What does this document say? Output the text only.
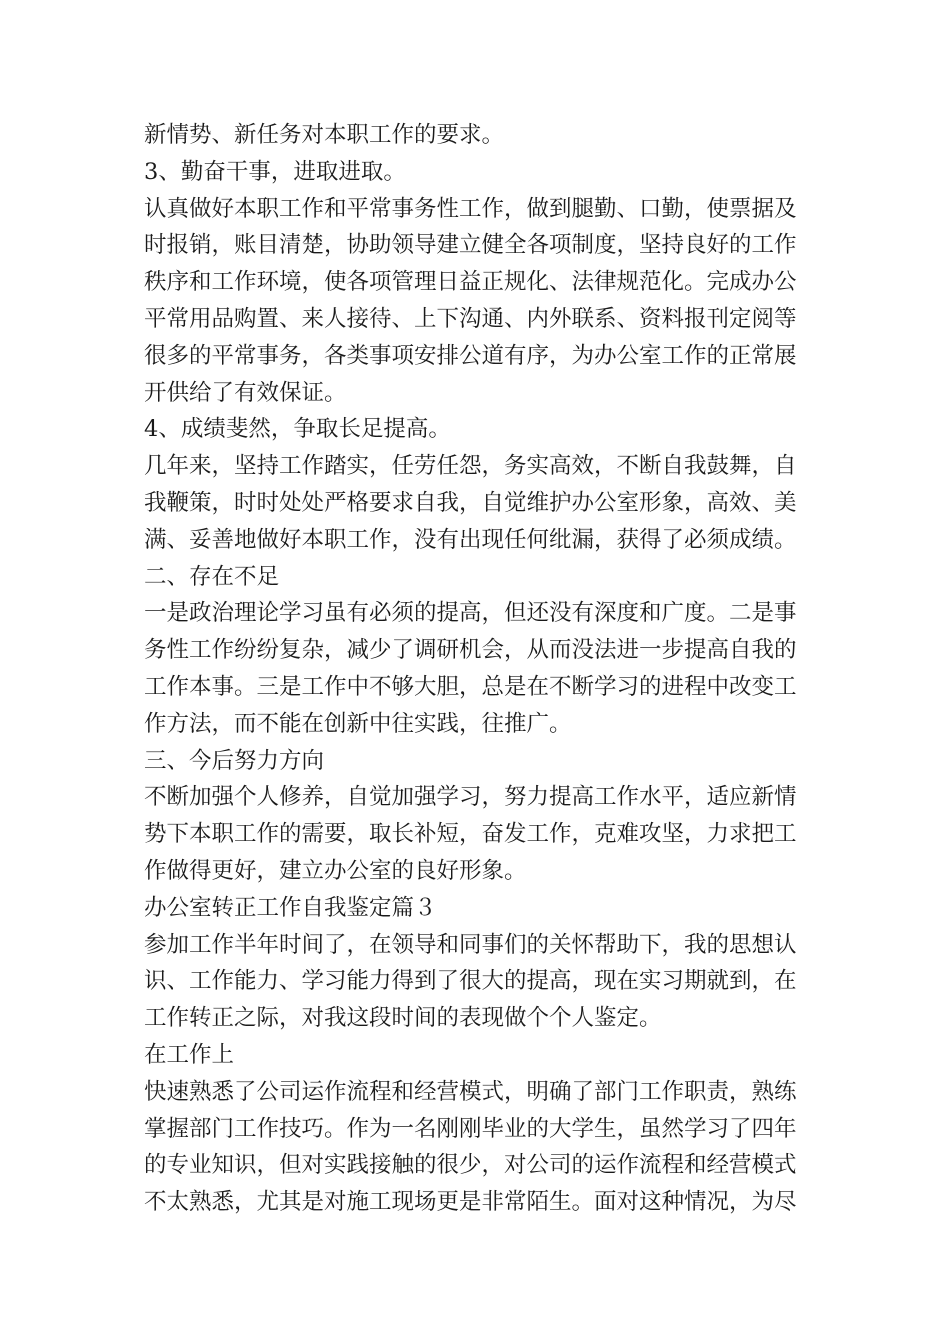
新情势、新任务对本职工作的要求。

3、勤奋干事，进取进取。

认真做好本职工作和平常事务性工作，做到腿勤、口勤，使票据及

时报销，账目清楚，协助领导建立健全各项制度，坚持良好的工作

秩序和工作环境，使各项管理日益正规化、法律规范化。完成办公

平常用品购置、来人接待、上下沟通、内外联系、资料报刊定阅等

很多的平常事务，各类事项安排公道有序，为办公室工作的正常展

开供给了有效保证。

4、成绩斐然，争取长足提高。

几年来，坚持工作踏实，任劳任怨，务实高效，不断自我鼓舞，自

我鞭策，时时处处严格要求自我，自觉维护办公室形象，高效、美

满、妥善地做好本职工作，没有出现任何纰漏，获得了必须成绩。

二、存在不足

一是政治理论学习虽有必须的提高，但还没有深度和广度。二是事

务性工作纷纷复杂，减少了调研机会，从而没法进一步提高自我的

工作本事。三是工作中不够大胆，总是在不断学习的进程中改变工

作方法，而不能在创新中往实践，往推广。

三、今后努力方向

不断加强个人修养，自觉加强学习，努力提高工作水平，适应新情

势下本职工作的需要，取长补短，奋发工作，克难攻坚，力求把工

作做得更好，建立办公室的良好形象。

办公室转正工作自我鉴定篇３

参加工作半年时间了，在领导和同事们的关怀帮助下，我的思想认

识、工作能力、学习能力得到了很大的提高，现在实习期就到，在

工作转正之际，对我这段时间的表现做个个人鉴定。

在工作上

快速熟悉了公司运作流程和经营模式，明确了部门工作职责，熟练

掌握部门工作技巧。作为一名刚刚毕业的大学生，虽然学习了四年

的专业知识，但对实践接触的很少，对公司的运作流程和经营模式

不太熟悉，尤其是对施工现场更是非常陌生。面对这种情况，为尽
